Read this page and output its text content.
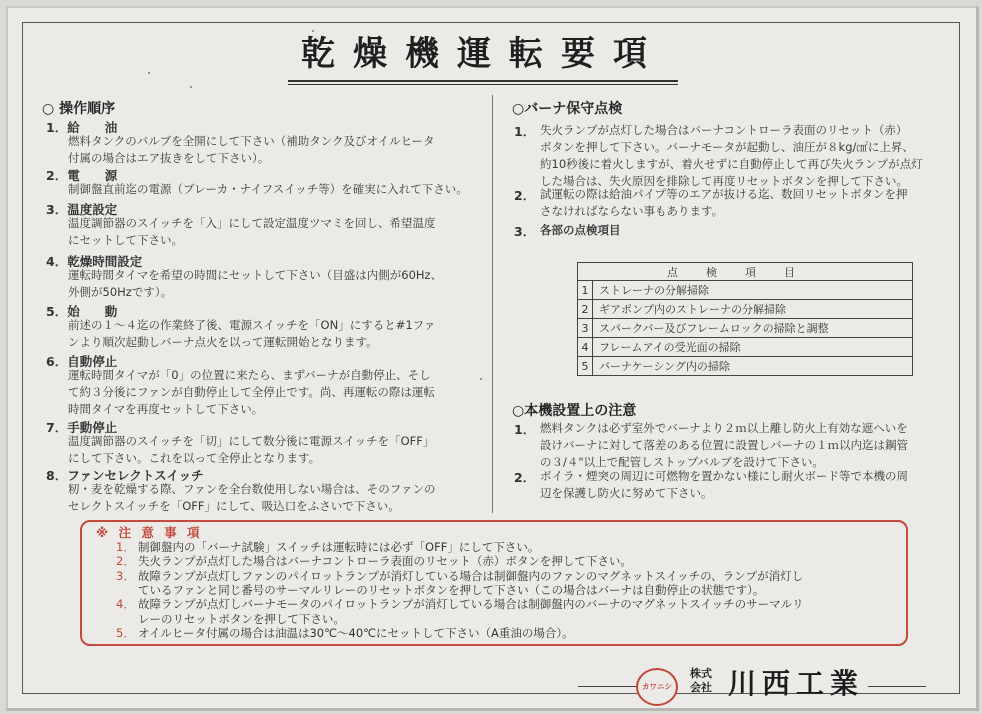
乾燥機運転要項
○ 操作順序
1．給　　油
燃料タンクのバルブを全開にして下さい（補助タンク及びオイルヒータ
付属の場合はエア抜きをして下さい）。
2．電　　源
制御盤直前迄の電源（ブレーカ・ナイフスイッチ等）を確実に入れて下さい。
3．温度設定
温度調節器のスイッチを「入」にして設定温度ツマミを回し、希望温度
にセットして下さい。
4．乾燥時間設定
運転時間タイマを希望の時間にセットして下さい（目盛は内側が60Hz、
外側が50Hzです）。
5．始　　動
前述の１～４迄の作業終了後、電源スイッチを「ON」にすると#1ファ
ンより順次起動しバーナ点火を以って運転開始となります。
6．自動停止
運転時間タイマが「0」の位置に来たら、まずバーナが自動停止、そし
て約３分後にファンが自動停止して全停止です。尚、再運転の際は運転
時間タイマを再度セットして下さい。
7．手動停止
温度調節器のスイッチを「切」にして数分後に電源スイッチを「OFF」
にして下さい。これを以って全停止となります。
8．ファンセレクトスイッチ
籾・麦を乾燥する際、ファンを全台数使用しない場合は、そのファンの
セレクトスイッチを「OFF」にして、吸込口をふさいで下さい。
○バーナ保守点検
1． 失火ランプが点灯した場合はバーナコントローラ表面のリセット（赤）
ボタンを押して下さい。バーナモータが起動し、油圧が８kg/㎠に上昇、
約10秒後に着火しますが、着火せずに自動停止して再び失火ランプが点灯
した場合は、失火原因を排除して再度リセットボタンを押して下さい。
2． 試運転の際は給油パイプ等のエアが抜ける迄、数回リセットボタンを押
さなければならない事もあります。
3． 各部の点検項目
点検項目	
1	ストレーナの分解掃除
2	ギアポンプ内のストレーナの分解掃除
3	スパークバー及びフレームロックの掃除と調整
4	フレームアイの受光面の掃除
5	バーナケーシング内の掃除
○本機設置上の注意
1． 燃料タンクは必ず室外でバーナより２ｍ以上離し防火上有効な遮へいを
設けバーナに対して落差のある位置に設置しバーナの１ｍ以内迄は鋼管
の３/４"以上で配管しストップバルブを設けて下さい。
2． ボイラ・煙突の周辺に可燃物を置かない様にし耐火ボード等で本機の周
辺を保護し防火に努めて下さい。
※ 注 意 事 項
1． 制御盤内の「バーナ試験」スイッチは運転時には必ず「OFF」にして下さい。
2． 失火ランプが点灯した場合はバーナコントローラ表面のリセット（赤）ボタンを押して下さい。
3． 故障ランプが点灯しファンのパイロットランプが消灯している場合は制御盤内のファンのマグネットスイッチの、ランプが消灯し
ているファンと同じ番号のサーマルリレーのリセットボタンを押して下さい（この場合はバーナは自動停止の状態です）。
4． 故障ランプが点灯しバーナモータのパイロットランプが消灯している場合は制御盤内のバーナのマグネットスイッチのサーマルリ
レーのリセットボタンを押して下さい。
5． オイルヒータ付属の場合は油温は30℃～40℃にセットして下さい（A重油の場合）。
カワニシ
株式会社 川西工業
